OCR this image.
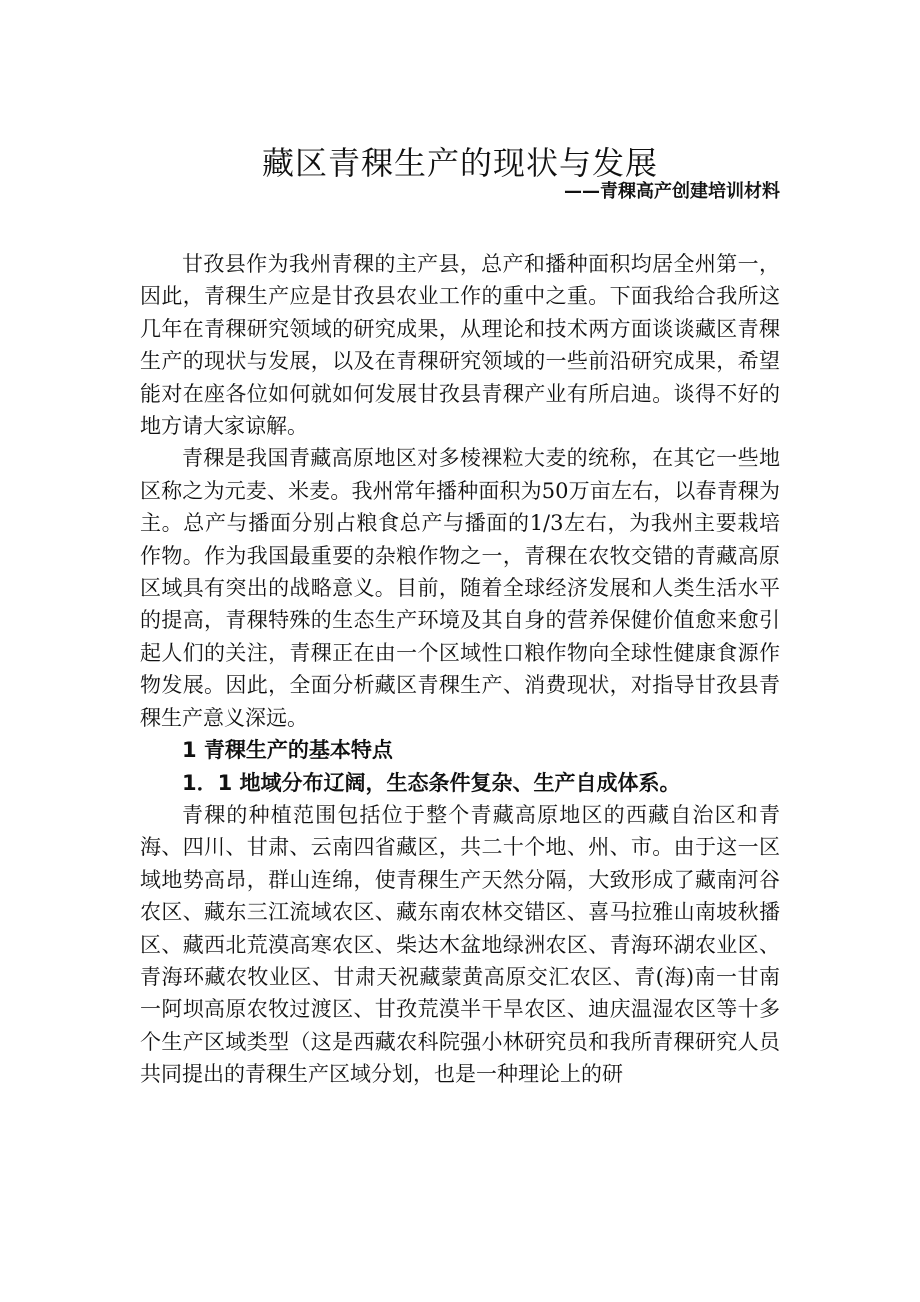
藏区青稞生产的现状与发展
——青稞高产创建培训材料

甘孜县作为我州青稞的主产县，总产和播种面积均居全州第一，因此，青稞生产应是甘孜县农业工作的重中之重。下面我给合我所这几年在青稞研究领域的研究成果，从理论和技术两方面谈谈藏区青稞生产的现状与发展，以及在青稞研究领域的一些前沿研究成果，希望能对在座各位如何就如何发展甘孜县青稞产业有所启迪。谈得不好的地方请大家谅解。

青稞是我国青藏高原地区对多棱裸粒大麦的统称，在其它一些地区称之为元麦、米麦。我州常年播种面积为50万亩左右，以春青稞为主。总产与播面分别占粮食总产与播面的1/3左右，为我州主要栽培作物。作为我国最重要的杂粮作物之一，青稞在农牧交错的青藏高原区域具有突出的战略意义。目前，随着全球经济发展和人类生活水平的提高，青稞特殊的生态生产环境及其自身的营养保健价值愈来愈引起人们的关注，青稞正在由一个区域性口粮作物向全球性健康食源作物发展。因此，全面分析藏区青稞生产、消费现状，对指导甘孜县青稞生产意义深远。

1 青稞生产的基本特点
1．1 地域分布辽阔，生态条件复杂、生产自成体系。

青稞的种植范围包括位于整个青藏高原地区的西藏自治区和青海、四川、甘肃、云南四省藏区，共二十个地、州、市。由于这一区域地势高昂，群山连绵，使青稞生产天然分隔，大致形成了藏南河谷农区、藏东三江流域农区、藏东南农林交错区、喜马拉雅山南坡秋播区、藏西北荒漠高寒农区、柴达木盆地绿洲农区、青海环湖农业区、青海环藏农牧业区、甘肃天祝藏蒙黄高原交汇农区、青(海)南一甘南一阿坝高原农牧过渡区、甘孜荒漠半干旱农区、迪庆温湿农区等十多个生产区域类型（这是西藏农科院强小林研究员和我所青稞研究人员共同提出的青稞生产区域分划，也是一种理论上的研
